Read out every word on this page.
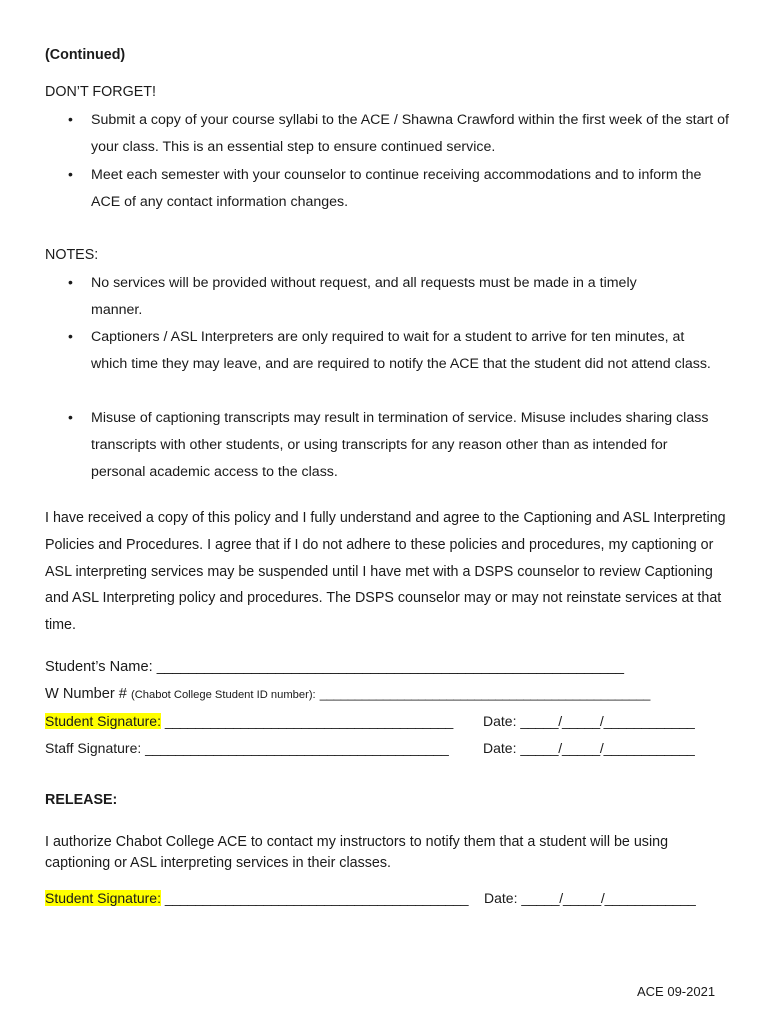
(Continued)
DON’T FORGET!
• Submit a copy of your course syllabi to the ACE / Shawna Crawford within the first week of the start of your class. This is an essential step to ensure continued service.
• Meet each semester with your counselor to continue receiving accommodations and to inform the ACE of any contact information changes.
NOTES:
• No services will be provided without request, and all requests must be made in a timely manner.
• Captioners / ASL Interpreters are only required to wait for a student to arrive for ten minutes, at which time they may leave, and are required to notify the ACE that the student did not attend class.
• Misuse of captioning transcripts may result in termination of service. Misuse includes sharing class transcripts with other students, or using transcripts for any reason other than as intended for personal academic access to the class.
I have received a copy of this policy and I fully understand and agree to the Captioning and ASL Interpreting Policies and Procedures. I agree that if I do not adhere to these policies and procedures, my captioning or ASL interpreting services may be suspended until I have met with a DSPS counselor to review Captioning and ASL Interpreting policy and procedures. The DSPS counselor may or may not reinstate services at that time.
Student’s Name: ___________________________________________________________
W Number # (Chabot College Student ID number): _______________________________________________
Student Signature: ______________________________________ Date: _____/_____/____________
Staff Signature: ________________________________________ Date: _____/_____/____________
RELEASE:
I authorize Chabot College ACE to contact my instructors to notify them that a student will be using captioning or ASL interpreting services in their classes.
Student Signature: ________________________________________ Date: _____/_____/____________
ACE 09-2021
